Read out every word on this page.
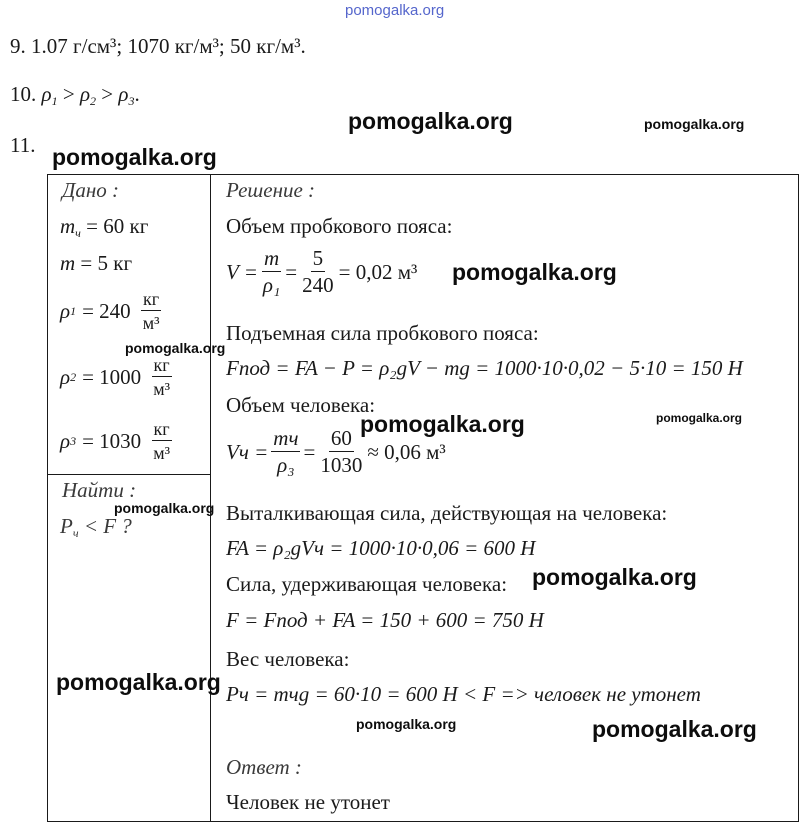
pomogalka.org
9. 1.07 г/см³; 1070 кг/м³; 50 кг/м³.
10. $\rho_1 > \rho_2 > \rho_3$.
11.
Дано :
$m_ч = 60$ кг
m = 5 кг
ρ $1 = 240 \frac{кг}{\text{м³}}$
ρ $2 = 1000 \frac{кг}{\text{м³}}$
ρ $3 = 1030 \frac{кг}{\text{м³}}$
Найти :
$P_ч < F$ ?
Решение :
Объем пробкового пояса:
$V = \frac{m}{\text{ρ₁}} = \frac{5}{240} = 0,02$ м³
Подъемная сила пробкового пояса:
Fпод = FA − P = ρ₂gV − mg = 1000·10·0,02 − 5·10 = 150 Н
Объем человека:
Vч = $\frac{mч}{\text{ρ₃}} = \frac{60}{1030} \approx 0,06$ м³
Выталкивающая сила, действующая на человека:
FA = ρ₂gVч = 1000·10·0,06 = 600 Н
Сила, удерживающая человека:
F = Fпод + FA = 150 + 600 = 750 Н
Вес человека:
Pч = mчg = 60·10 = 600 Н < F => человек не утонет
Ответ :
Человек не утонет
pomogalka.org	pomogalka.org
pomogalka.org
pomogalka.org
pomogalka.org
pomogalka.org	pomogalka.org
pomogalka.org
pomogalka.org
pomogalka.org
pomogalka.org	pomogalka.org
